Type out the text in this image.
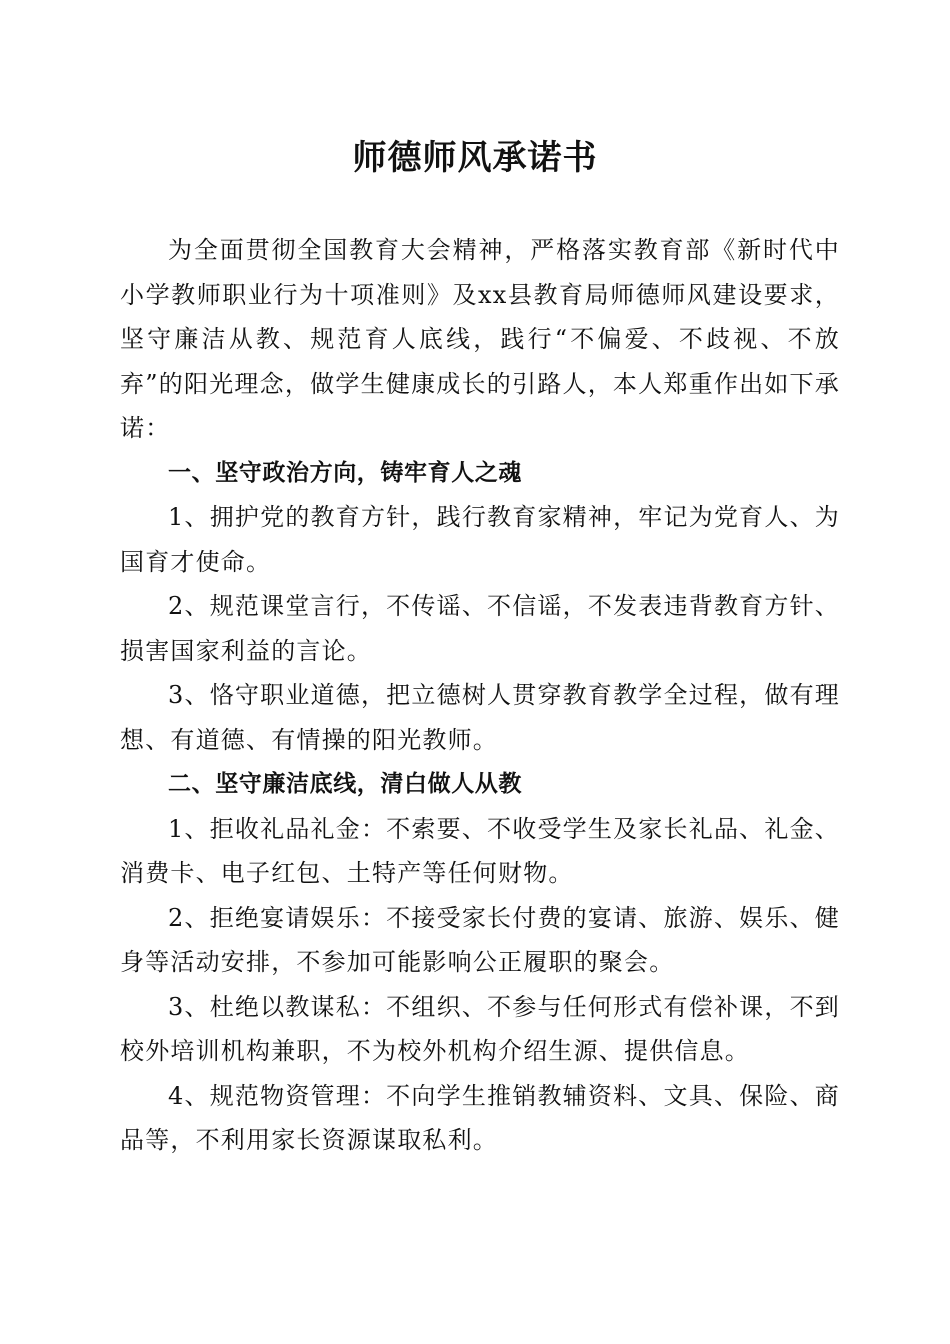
师德师风承诺书

为全面贯彻全国教育大会精神，严格落实教育部《新时代中小学教师职业行为十项准则》及xx县教育局师德师风建设要求，坚守廉洁从教、规范育人底线，践行“不偏爱、不歧视、不放弃”的阳光理念，做学生健康成长的引路人，本人郑重作出如下承诺：

一、坚守政治方向，铸牢育人之魂

1、拥护党的教育方针，践行教育家精神，牢记为党育人、为国育才使命。

2、规范课堂言行，不传谣、不信谣，不发表违背教育方针、损害国家利益的言论。

3、恪守职业道德，把立德树人贯穿教育教学全过程，做有理想、有道德、有情操的阳光教师。

二、坚守廉洁底线，清白做人从教

1、拒收礼品礼金：不索要、不收受学生及家长礼品、礼金、消费卡、电子红包、土特产等任何财物。

2、拒绝宴请娱乐：不接受家长付费的宴请、旅游、娱乐、健身等活动安排，不参加可能影响公正履职的聚会。

3、杜绝以教谋私：不组织、不参与任何形式有偿补课，不到校外培训机构兼职，不为校外机构介绍生源、提供信息。

4、规范物资管理：不向学生推销教辅资料、文具、保险、商品等，不利用家长资源谋取私利。
